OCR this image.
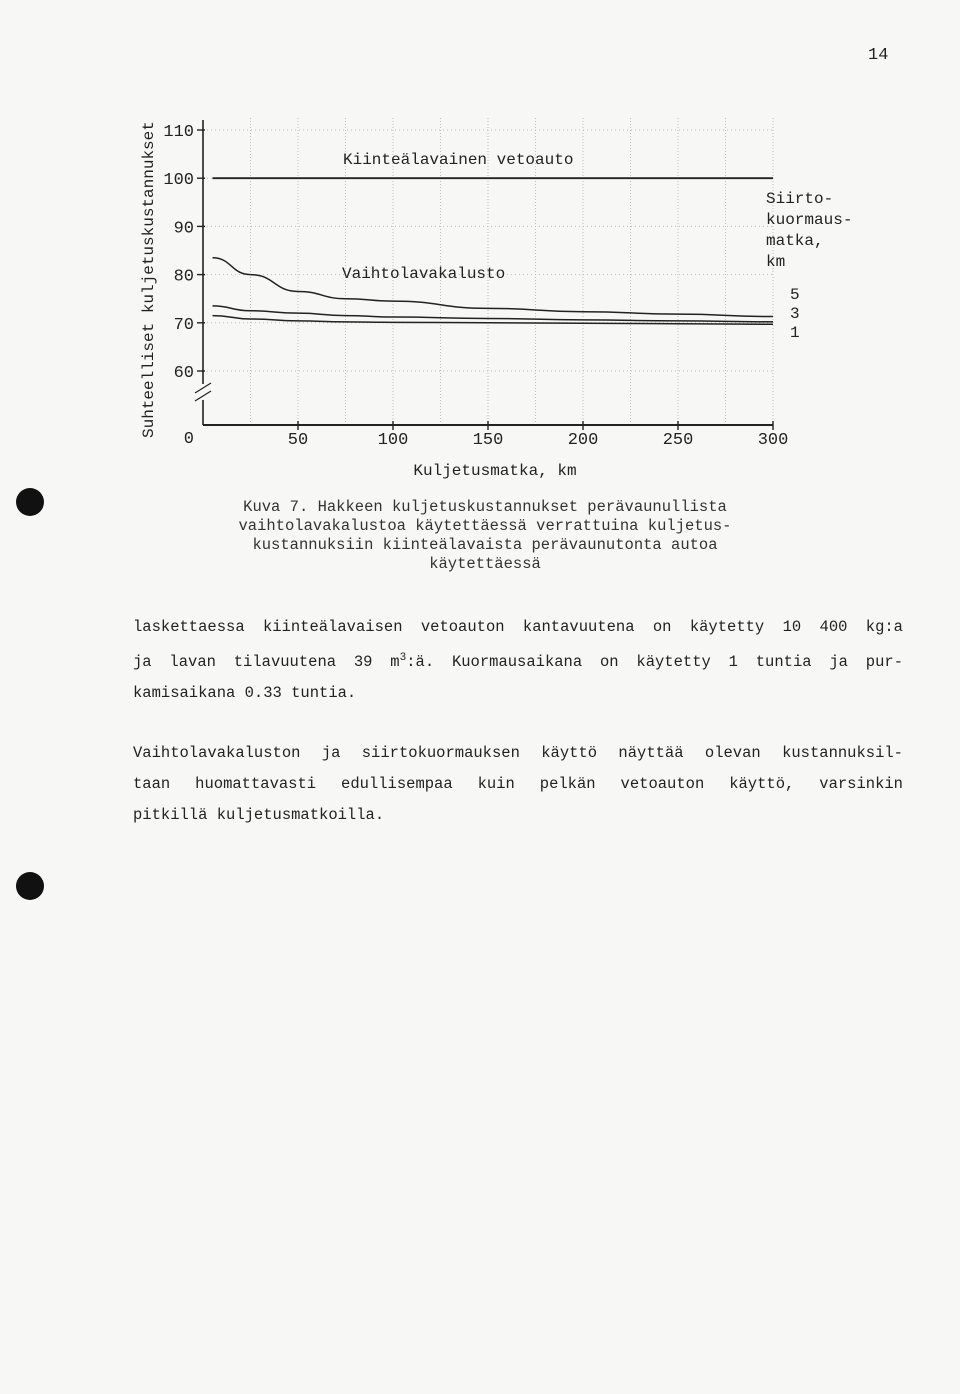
14
110
100
90
80
70
60
0	50	100	150	200	250	300
Suhteelliset kuljetuskustannukset
Kuljetusmatka, km
Kiinteälavainen vetoauto
Vaihtolavakalusto
Siirto-
kuormaus-
matka,
km
5
3
1
Kuva 7. Hakkeen kuljetuskustannukset perävaunullista
vaihtolavakalustoa käytettäessä verrattuina kuljetus-
kustannuksiin kiinteälavaista perävaunutonta autoa
käytettäessä
laskettaessa kiinteälavaisen vetoauton kantavuutena on käytetty 10 400 kg:a
ja lavan tilavuutena 39 $m^3:ä$. Kuormausaikana on käytetty 1 tuntia ja pur-
kamisaikana 0.33 tuntia.
Vaihtolavakaluston ja siirtokuormauksen käyttö näyttää olevan kustannuksil-
taan huomattavasti edullisempaa kuin pelkän vetoauton käyttö, varsinkin
pitkillä kuljetusmatkoilla.
